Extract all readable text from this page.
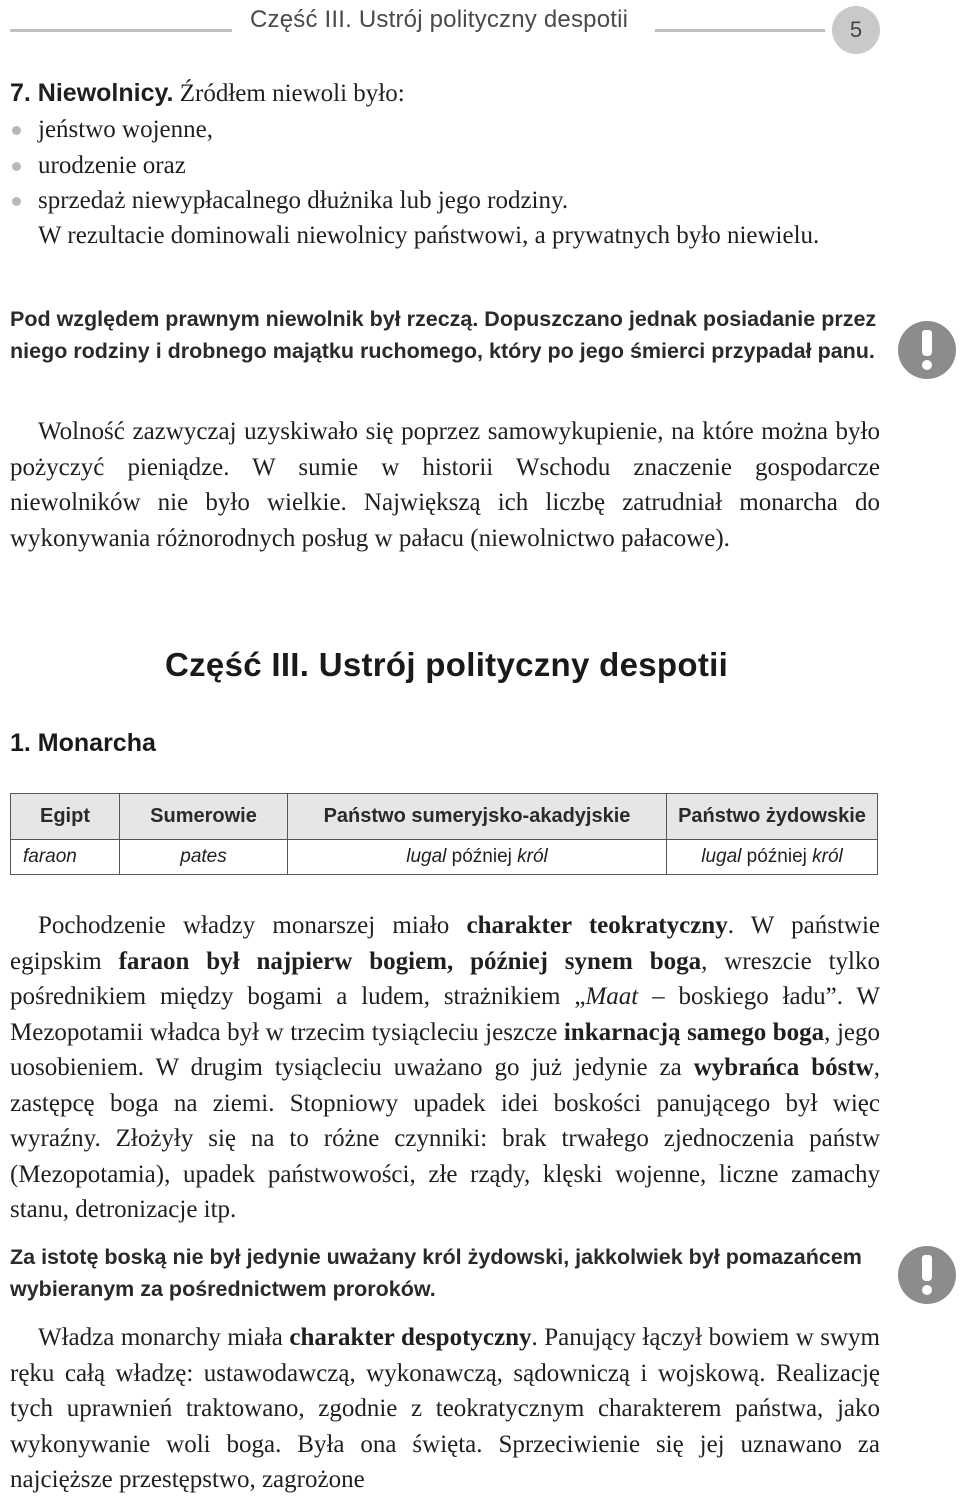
Część III. Ustrój polityczny despotii	5
7. Niewolnicy. Źródłem niewoli było:
jeństwo wojenne,
urodzenie oraz
sprzedaż niewypłacalnego dłużnika lub jego rodziny.
W rezultacie dominowali niewolnicy państwowi, a prywatnych było niewielu.
Pod względem prawnym niewolnik był rzeczą. Dopuszczano jednak posiadanie przez niego rodziny i drobnego majątku ruchomego, który po jego śmierci przypadał panu.
Wolność zazwyczaj uzyskiwało się poprzez samowykupienie, na które można było pożyczyć pieniądze. W sumie w historii Wschodu znaczenie gospodarcze niewolników nie było wielkie. Największą ich liczbę zatrudniał monarcha do wykonywania różnorodnych posług w pałacu (niewolnictwo pałacowe).
Część III. Ustrój polityczny despotii
1. Monarcha
Egipt	Sumerowie	Państwo sumeryjsko-akadyjskie	Państwo żydowskie
faraon	pates	lugal później król	lugal później król
Pochodzenie władzy monarszej miało charakter teokratyczny. W państwie egipskim faraon był najpierw bogiem, później synem boga, wreszcie tylko pośrednikiem między bogami a ludem, strażnikiem „Maat – boskiego ładu”. W Mezopotamii władca był w trzecim tysiącleciu jeszcze inkarnacją samego boga, jego uosobieniem. W drugim tysiącleciu uważano go już jedynie za wybrańca bóstw, zastępcę boga na ziemi. Stopniowy upadek idei boskości panującego był więc wyraźny. Złożyły się na to różne czynniki: brak trwałego zjednoczenia państw (Mezopotamia), upadek państwowości, złe rządy, klęski wojenne, liczne zamachy stanu, detronizacje itp.
Za istotę boską nie był jedynie uważany król żydowski, jakkolwiek był pomazańcem wybieranym za pośrednictwem proroków.
Władza monarchy miała charakter despotyczny. Panujący łączył bowiem w swym ręku całą władzę: ustawodawczą, wykonawczą, sądowniczą i wojskową. Realizację tych uprawnień traktowano, zgodnie z teokratycznym charakterem państwa, jako wykonywanie woli boga. Była ona święta. Sprzeciwienie się jej uznawano za najcięższe przestępstwo, zagrożone
